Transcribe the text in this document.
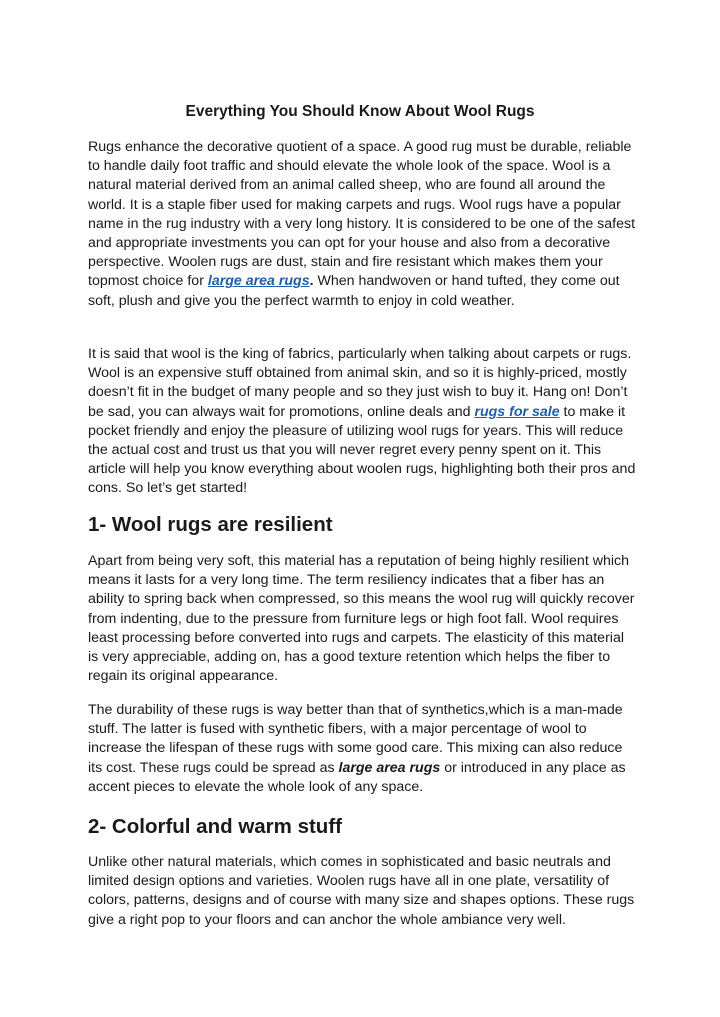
Everything You Should Know About Wool Rugs
Rugs enhance the decorative quotient of a space. A good rug must be durable, reliable to handle daily foot traffic and should elevate the whole look of the space. Wool is a natural material derived from an animal called sheep, who are found all around the world. It is a staple fiber used for making carpets and rugs. Wool rugs have a popular name in the rug industry with a very long history. It is considered to be one of the safest and appropriate investments you can opt for your house and also from a decorative perspective. Woolen rugs are dust, stain and fire resistant which makes them your topmost choice for large area rugs. When handwoven or hand tufted, they come out soft, plush and give you the perfect warmth to enjoy in cold weather.
It is said that wool is the king of fabrics, particularly when talking about carpets or rugs. Wool is an expensive stuff obtained from animal skin, and so it is highly-priced, mostly doesn’t fit in the budget of many people and so they just wish to buy it. Hang on! Don’t be sad, you can always wait for promotions, online deals and rugs for sale to make it pocket friendly and enjoy the pleasure of utilizing wool rugs for years. This will reduce the actual cost and trust us that you will never regret every penny spent on it. This article will help you know everything about woolen rugs, highlighting both their pros and cons. So let’s get started!
1- Wool rugs are resilient
Apart from being very soft, this material has a reputation of being highly resilient which means it lasts for a very long time. The term resiliency indicates that a fiber has an ability to spring back when compressed, so this means the wool rug will quickly recover from indenting, due to the pressure from furniture legs or high foot fall. Wool requires least processing before converted into rugs and carpets. The elasticity of this material is very appreciable, adding on, has a good texture retention which helps the fiber to regain its original appearance.
The durability of these rugs is way better than that of synthetics,which is a man-made stuff. The latter is fused with synthetic fibers, with a major percentage of wool to increase the lifespan of these rugs with some good care. This mixing can also reduce its cost. These rugs could be spread as large area rugs or introduced in any place as accent pieces to elevate the whole look of any space.
2- Colorful and warm stuff
Unlike other natural materials, which comes in sophisticated and basic neutrals and limited design options and varieties. Woolen rugs have all in one plate, versatility of colors, patterns, designs and of course with many size and shapes options. These rugs give a right pop to your floors and can anchor the whole ambiance very well.
